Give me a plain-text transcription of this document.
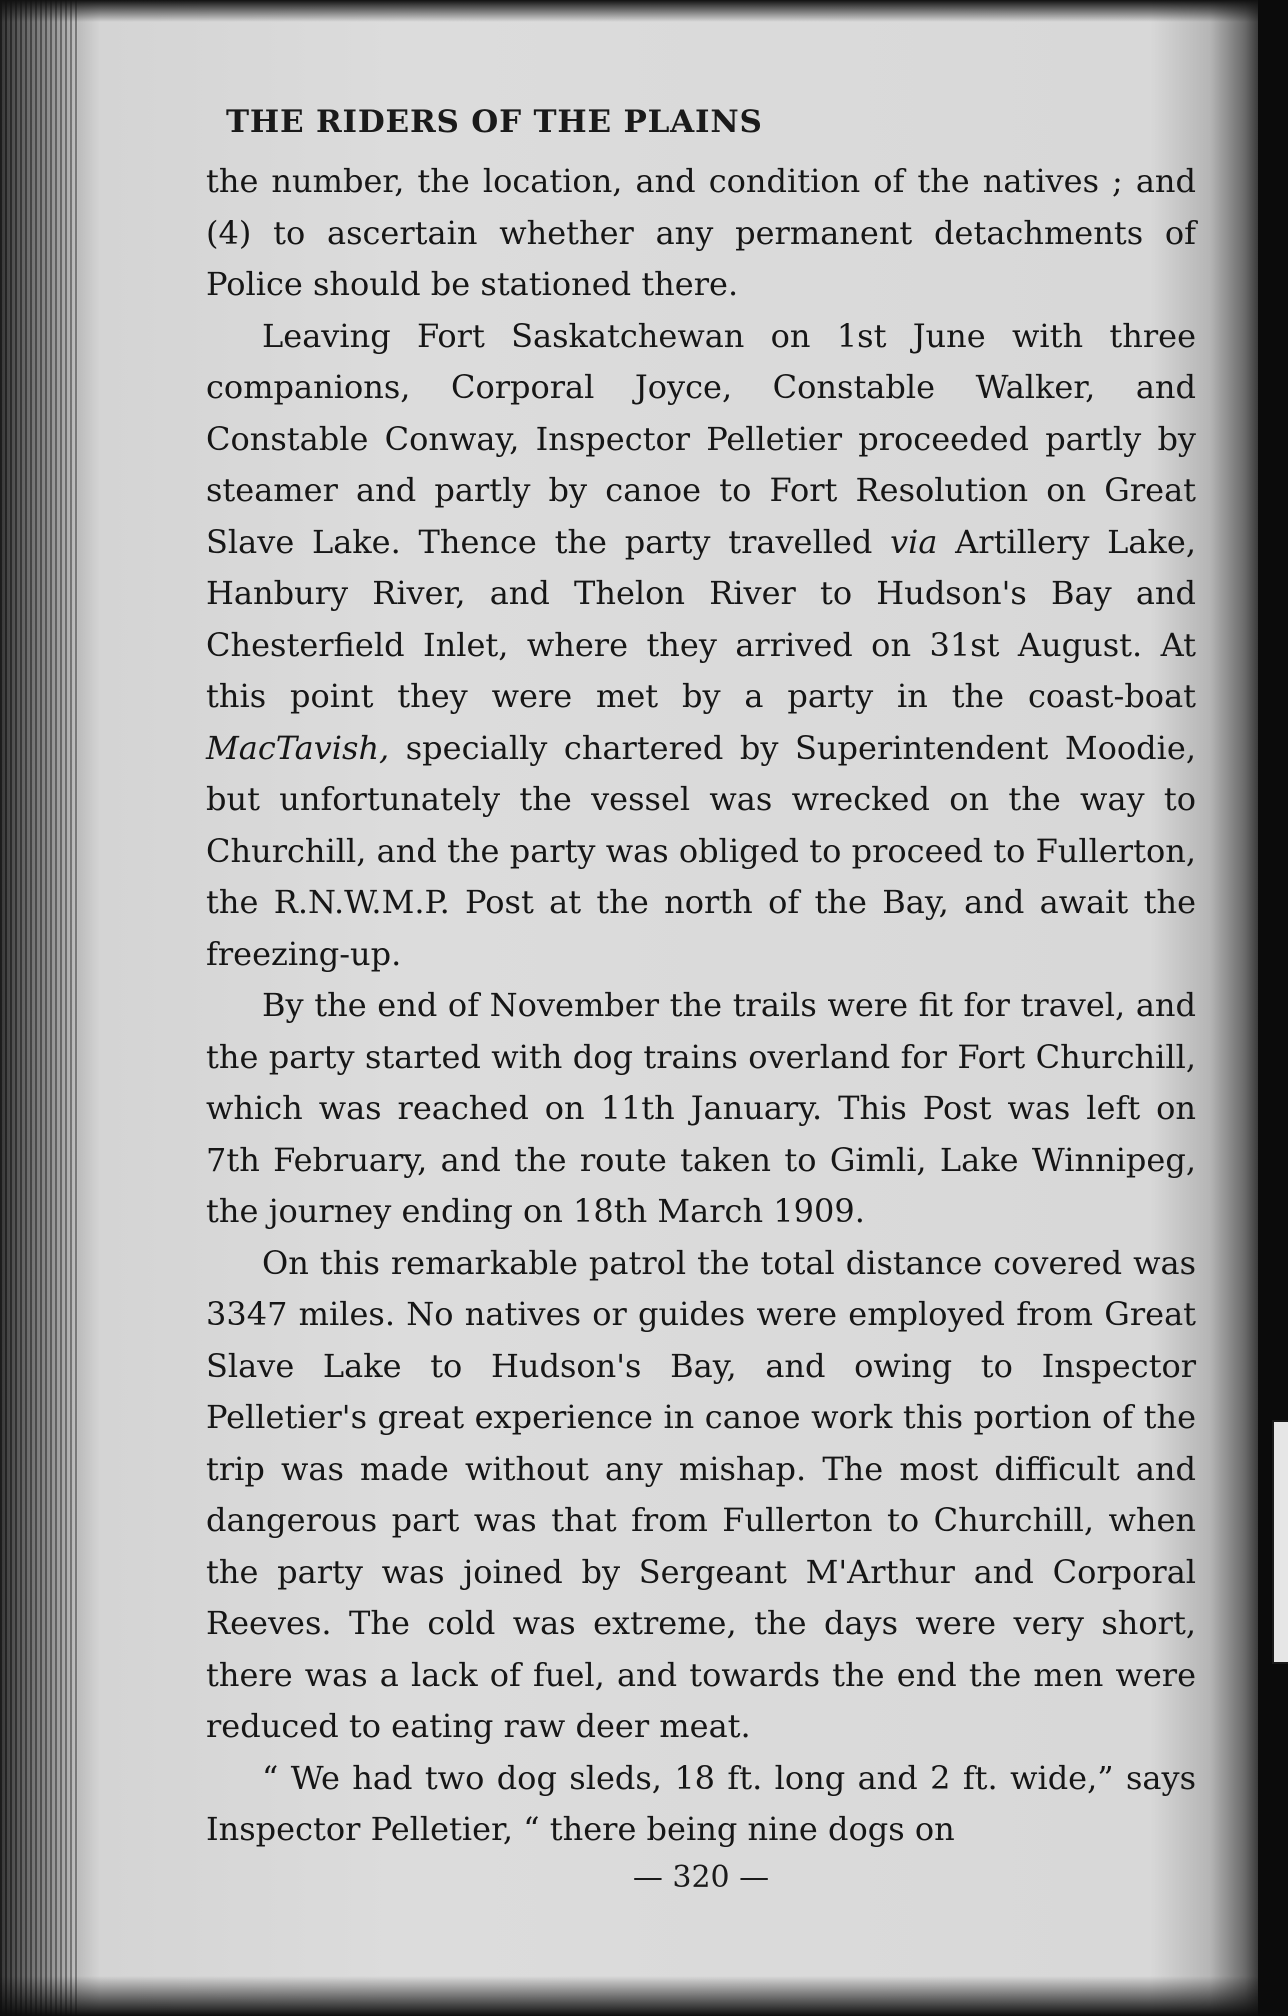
THE RIDERS OF THE PLAINS

the number, the location, and condition of the natives ; and (4) to ascertain whether any permanent detachments of Police should be stationed there.

Leaving Fort Saskatchewan on 1st June with three companions, Corporal Joyce, Constable Walker, and Constable Conway, Inspector Pelletier proceeded partly by steamer and partly by canoe to Fort Resolution on Great Slave Lake. Thence the party travelled via Artillery Lake, Hanbury River, and Thelon River to Hudson's Bay and Chesterfield Inlet, where they arrived on 31st August. At this point they were met by a party in the coast-boat MacTavish, specially chartered by Superintendent Moodie, but unfortunately the vessel was wrecked on the way to Churchill, and the party was obliged to proceed to Fullerton, the R.N.W.M.P. Post at the north of the Bay, and await the freezing-up.

By the end of November the trails were fit for travel, and the party started with dog trains overland for Fort Churchill, which was reached on 11th January. This Post was left on 7th February, and the route taken to Gimli, Lake Winnipeg, the journey ending on 18th March 1909.

On this remarkable patrol the total distance covered was 3347 miles. No natives or guides were employed from Great Slave Lake to Hudson's Bay, and owing to Inspector Pelletier's great experience in canoe work this portion of the trip was made without any mishap. The most difficult and dangerous part was that from Fullerton to Churchill, when the party was joined by Sergeant M'Arthur and Corporal Reeves. The cold was extreme, the days were very short, there was a lack of fuel, and towards the end the men were reduced to eating raw deer meat.

“ We had two dog sleds, 18 ft. long and 2 ft. wide,” says Inspector Pelletier, “ there being nine dogs on

— 320 —
